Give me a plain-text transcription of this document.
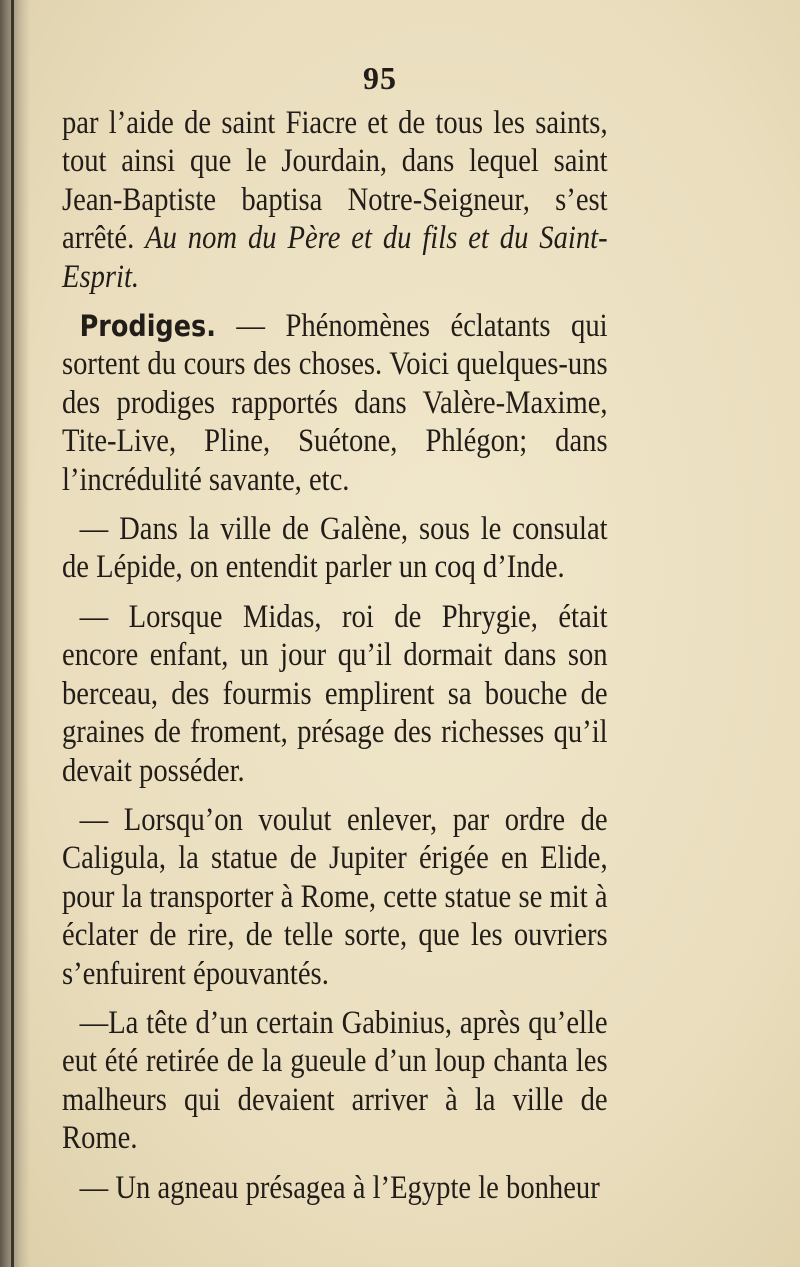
95

par l’aide de saint Fiacre et de tous les saints, tout ainsi que le Jourdain, dans lequel saint Jean-Baptiste baptisa Notre-Seigneur, s’est arrêté. Au nom du Père et du fils et du Saint-Esprit.

Prodiges. — Phénomènes éclatants qui sortent du cours des choses. Voici quelques-uns des prodiges rapportés dans Valère-Maxime, Tite-Live, Pline, Suétone, Phlégon; dans l’incrédulité savante, etc.

— Dans la ville de Galène, sous le consulat de Lépide, on entendit parler un coq d’Inde.

— Lorsque Midas, roi de Phrygie, était encore enfant, un jour qu’il dormait dans son berceau, des fourmis emplirent sa bouche de graines de froment, présage des richesses qu’il devait posséder.

— Lorsqu’on voulut enlever, par ordre de Caligula, la statue de Jupiter érigée en Elide, pour la transporter à Rome, cette statue se mit à éclater de rire, de telle sorte, que les ouvriers s’enfuirent épouvantés.

—La tête d’un certain Gabinius, après qu’elle eut été retirée de la gueule d’un loup chanta les malheurs qui devaient arriver à la ville de Rome.

— Un agneau présagea à l’Egypte le bonheur
